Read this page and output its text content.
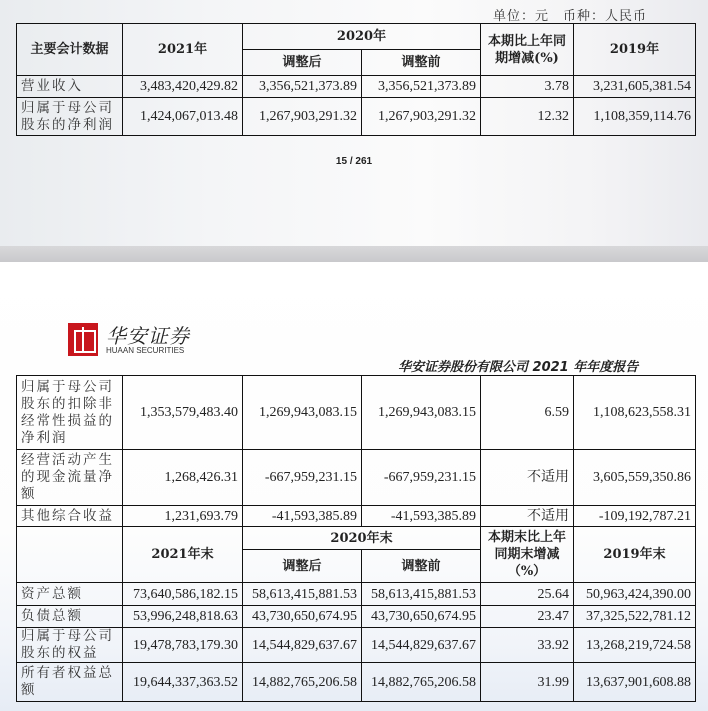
单位：元　币种：人民币
主要会计数据	2021年	2020年		本期比上年同期增减(%)	2019年
		调整后	调整前		
营业收入	3,483,420,429.82	3,356,521,373.89	3,356,521,373.89	3.78	3,231,605,381.54
归属于母公司股东的净利润	1,424,067,013.48	1,267,903,291.32	1,267,903,291.32	12.32	1,108,359,114.76
15 / 261
华安证券
HUAAN SECURITIES
华安证券股份有限公司 2021 年年度报告
归属于母公司股东的扣除非经常性损益的净利润	1,353,579,483.40	1,269,943,083.15	1,269,943,083.15	6.59	1,108,623,558.31
经营活动产生的现金流量净额	1,268,426.31	-667,959,231.15	-667,959,231.15	不适用	3,605,559,350.86
其他综合收益	1,231,693.79	-41,593,385.89	-41,593,385.89	不适用	-109,192,787.21
	2021年末	2020年末		本期末比上年同期末增减（%）	2019年末
		调整后	调整前		
资产总额	73,640,586,182.15	58,613,415,881.53	58,613,415,881.53	25.64	50,963,424,390.00
负债总额	53,996,248,818.63	43,730,650,674.95	43,730,650,674.95	23.47	37,325,522,781.12
归属于母公司股东的权益	19,478,783,179.30	14,544,829,637.67	14,544,829,637.67	33.92	13,268,219,724.58
所有者权益总额	19,644,337,363.52	14,882,765,206.58	14,882,765,206.58	31.99	13,637,901,608.88
